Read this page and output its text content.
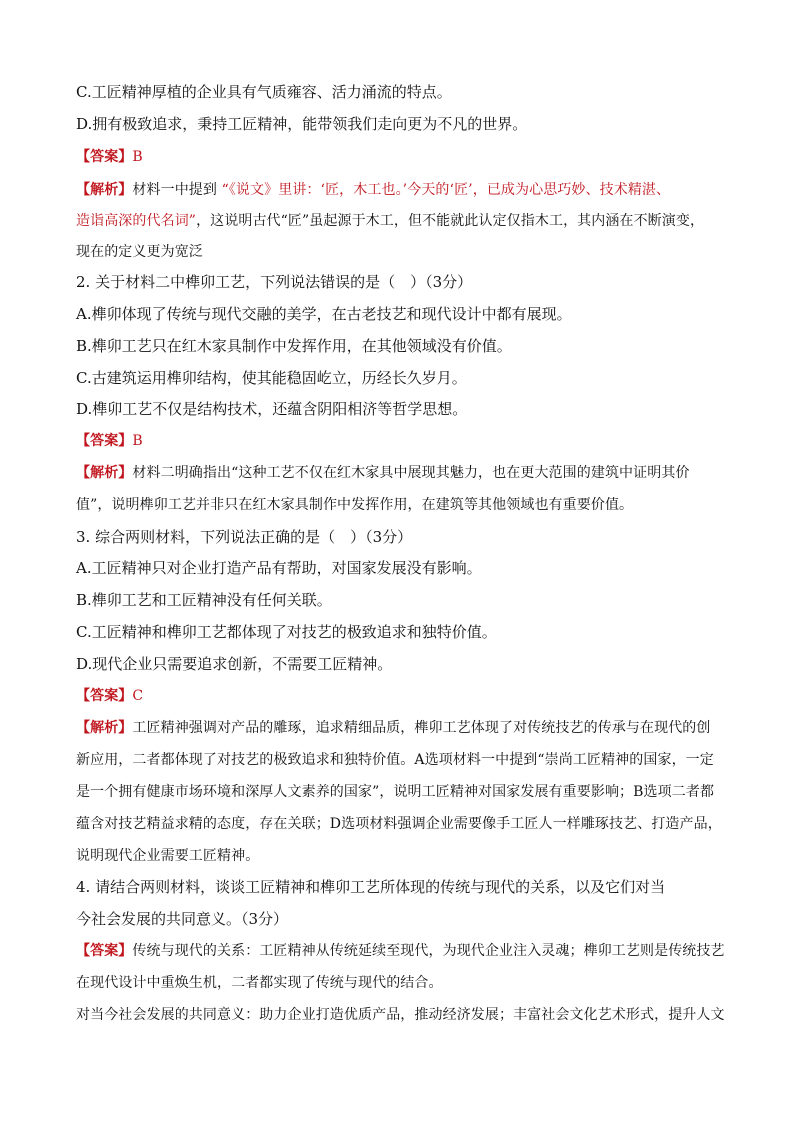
C.工匠精神厚植的企业具有气质雍容、活力涌流的特点。
D.拥有极致追求，秉持工匠精神，能带领我们走向更为不凡的世界。
【答案】B
【解析】材料一中提到 “《说文》里讲：‘匠，木工也。’今天的‘匠’，已成为心思巧妙、技术精湛、
造诣高深的代名词”，这说明古代“匠”虽起源于木工，但不能就此认定仅指木工，其内涵在不断演变，
现在的定义更为宽泛
2. 关于材料二中榫卯工艺，下列说法错误的是（　）（3分）
A.榫卯体现了传统与现代交融的美学，在古老技艺和现代设计中都有展现。
B.榫卯工艺只在红木家具制作中发挥作用，在其他领域没有价值。
C.古建筑运用榫卯结构，使其能稳固屹立，历经长久岁月。
D.榫卯工艺不仅是结构技术，还蕴含阴阳相济等哲学思想。
【答案】B
【解析】材料二明确指出“这种工艺不仅在红木家具中展现其魅力，也在更大范围的建筑中证明其价
值”，说明榫卯工艺并非只在红木家具制作中发挥作用，在建筑等其他领域也有重要价值。
3. 综合两则材料，下列说法正确的是（　）（3分）
A.工匠精神只对企业打造产品有帮助，对国家发展没有影响。
B.榫卯工艺和工匠精神没有任何关联。
C.工匠精神和榫卯工艺都体现了对技艺的极致追求和独特价值。
D.现代企业只需要追求创新，不需要工匠精神。
【答案】C
【解析】工匠精神强调对产品的雕琢，追求精细品质，榫卯工艺体现了对传统技艺的传承与在现代的创
新应用，二者都体现了对技艺的极致追求和独特价值。A选项材料一中提到“崇尚工匠精神的国家，一定
是一个拥有健康市场环境和深厚人文素养的国家”，说明工匠精神对国家发展有重要影响；B选项二者都
蕴含对技艺精益求精的态度，存在关联；D选项材料强调企业需要像手工匠人一样雕琢技艺、打造产品，
说明现代企业需要工匠精神。
4. 请结合两则材料，谈谈工匠精神和榫卯工艺所体现的传统与现代的关系，以及它们对当
今社会发展的共同意义。（3分）
【答案】传统与现代的关系：工匠精神从传统延续至现代，为现代企业注入灵魂；榫卯工艺则是传统技艺
在现代设计中重焕生机，二者都实现了传统与现代的结合。
对当今社会发展的共同意义：助力企业打造优质产品，推动经济发展；丰富社会文化艺术形式，提升人文
